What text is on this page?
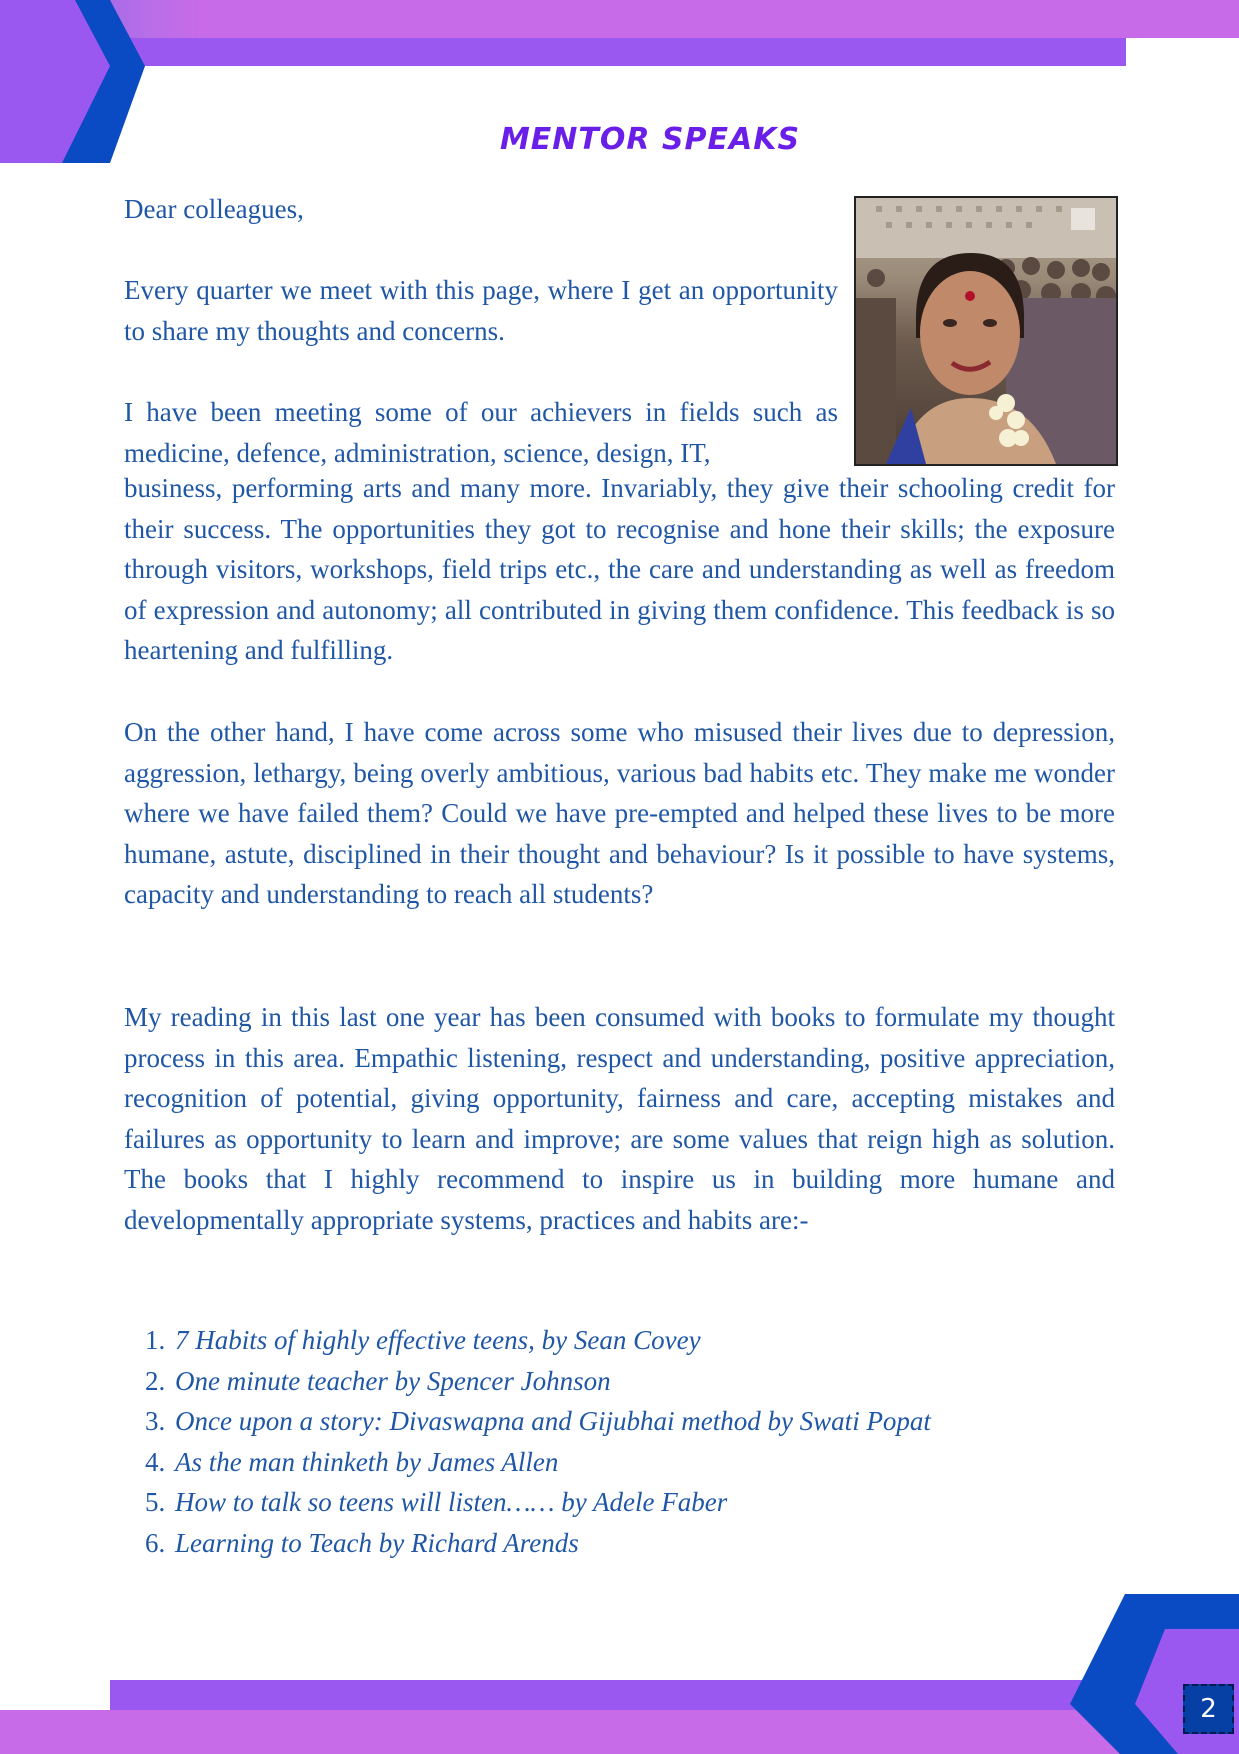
MENTOR SPEAKS
Dear colleagues,

Every quarter we meet with this page, where I get an opportunity to share my thoughts and concerns.

I have been meeting some of our achievers in fields such as medicine, defence, administration, science, design, IT,

business, performing arts and many more. Invariably, they give their schooling credit for their success. The opportunities they got to recognise and hone their skills; the exposure through visitors, workshops, field trips etc., the care and understanding as well as freedom of expression and autonomy; all contributed in giving them confidence. This feedback is so heartening and fulfilling.

On the other hand, I have come across some who misused their lives due to depression, aggression, lethargy, being overly ambitious, various bad habits etc. They make me wonder where we have failed them? Could we have pre-empted and helped these lives to be more humane, astute, disciplined in their thought and behaviour? Is it possible to have systems, capacity and understanding to reach all students?

My reading in this last one year has been consumed with books to formulate my thought process in this area. Empathic listening, respect and understanding, positive appreciation, recognition of potential, giving opportunity, fairness and care, accepting mistakes and failures as opportunity to learn and improve; are some values that reign high as solution. The books that I highly recommend to inspire us in building more humane and developmentally appropriate systems, practices and habits are:-

1. 7 Habits of highly effective teens, by Sean Covey
2. One minute teacher by Spencer Johnson
3. Once upon a story: Divaswapna and Gijubhai method by Swati Popat
4. As the man thinketh by James Allen
5. How to talk so teens will listen…… by Adele Faber
6. Learning to Teach by Richard Arends
2
